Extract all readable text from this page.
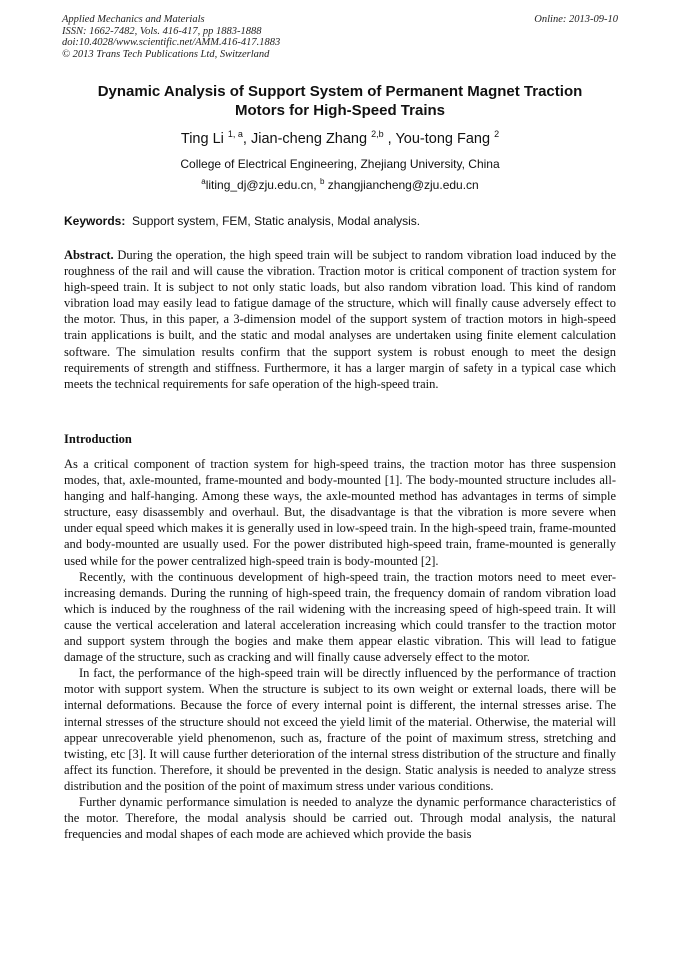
Applied Mechanics and Materials
ISSN: 1662-7482, Vols. 416-417, pp 1883-1888
doi:10.4028/www.scientific.net/AMM.416-417.1883
© 2013 Trans Tech Publications Ltd, Switzerland
Online: 2013-09-10
Dynamic Analysis of Support System of Permanent Magnet Traction
Motors for High-Speed Trains
Ting Li $^{1, a}$, Jian-cheng Zhang $^{2,b}$ , You-tong Fang $^2$
College of Electrical Engineering, Zhejiang University, China
$^a$liting_dj@zju.edu.cn, $^b$ zhangjiancheng@zju.edu.cn
Keywords: Support system, FEM, Static analysis, Modal analysis.
Abstract. During the operation, the high speed train will be subject to random vibration load induced by the roughness of the rail and will cause the vibration. Traction motor is critical component of traction system for high-speed train. It is subject to not only static loads, but also random vibration load. This kind of random vibration load may easily lead to fatigue damage of the structure, which will finally cause adversely effect to the motor. Thus, in this paper, a 3-dimension model of the support system of traction motors in high-speed train applications is built, and the static and modal analyses are undertaken using finite element calculation software. The simulation results confirm that the support system is robust enough to meet the design requirements of strength and stiffness. Furthermore, it has a larger margin of safety in a typical case which meets the technical requirements for safe operation of the high-speed train.
Introduction

As a critical component of traction system for high-speed trains, the traction motor has three suspension modes, that, axle-mounted, frame-mounted and body-mounted [1]. The body-mounted structure includes all-hanging and half-hanging. Among these ways, the axle-mounted method has advantages in terms of simple structure, easy disassembly and overhaul. But, the disadvantage is that the vibration is more severe when under equal speed which makes it is generally used in low-speed train. In the high-speed train, frame-mounted and body-mounted are usually used. For the power distributed high-speed train, frame-mounted is generally used while for the power centralized high-speed train is body-mounted [2].

Recently, with the continuous development of high-speed train, the traction motors need to meet ever-increasing demands. During the running of high-speed train, the frequency domain of random vibration load which is induced by the roughness of the rail widening with the increasing speed of high-speed train. It will cause the vertical acceleration and lateral acceleration increasing which could transfer to the traction motor and support system through the bogies and make them appear elastic vibration. This will lead to fatigue damage of the structure, such as cracking and will finally cause adversely effect to the motor.

In fact, the performance of the high-speed train will be directly influenced by the performance of traction motor with support system. When the structure is subject to its own weight or external loads, there will be internal deformations. Because the force of every internal point is different, the internal stresses arise. The internal stresses of the structure should not exceed the yield limit of the material. Otherwise, the material will appear unrecoverable yield phenomenon, such as, fracture of the point of maximum stress, stretching and twisting, etc [3]. It will cause further deterioration of the internal stress distribution of the structure and finally affect its function. Therefore, it should be prevented in the design. Static analysis is needed to analyze stress distribution and the position of the point of maximum stress under various conditions.

Further dynamic performance simulation is needed to analyze the dynamic performance characteristics of the motor. Therefore, the modal analysis should be carried out. Through modal analysis, the natural frequencies and modal shapes of each mode are achieved which provide the basis
